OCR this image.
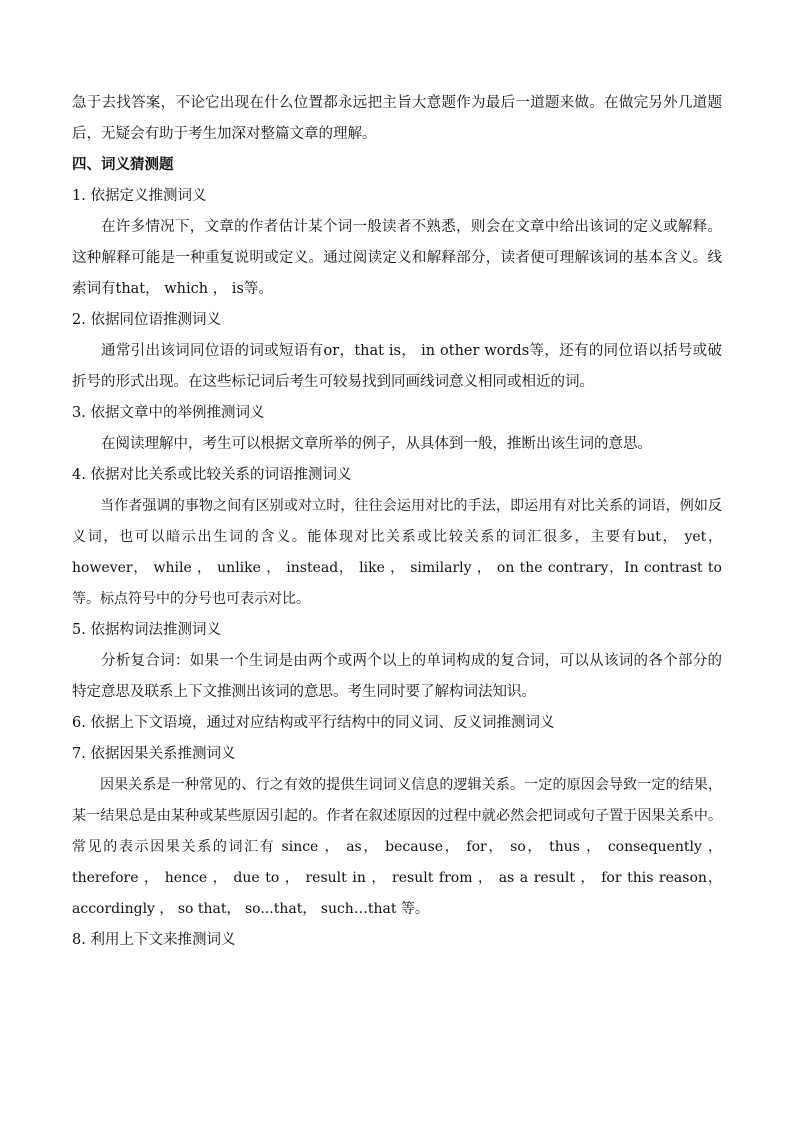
急于去找答案，不论它出现在什么位置都永远把主旨大意题作为最后一道题来做。在做完另外几道题后，无疑会有助于考生加深对整篇文章的理解。

四、词义猜测题

1. 依据定义推测词义

在许多情况下，文章的作者估计某个词一般读者不熟悉，则会在文章中给出该词的定义或解释。这种解释可能是一种重复说明或定义。通过阅读定义和解释部分，读者便可理解该词的基本含义。线索词有that， which ， is等。

2. 依据同位语推测词义

通常引出该词同位语的词或短语有or，that is， in other words等，还有的同位语以括号或破折号的形式出现。在这些标记词后考生可较易找到同画线词意义相同或相近的词。

3. 依据文章中的举例推测词义

在阅读理解中，考生可以根据文章所举的例子，从具体到一般，推断出该生词的意思。

4. 依据对比关系或比较关系的词语推测词义

当作者强调的事物之间有区别或对立时，往往会运用对比的手法，即运用有对比关系的词语，例如反义词，也可以暗示出生词的含义。能体现对比关系或比较关系的词汇很多，主要有but， yet， however， while ， unlike ， instead， like ， similarly ， on the contrary，In contrast to等。标点符号中的分号也可表示对比。

5. 依据构词法推测词义

分析复合词：如果一个生词是由两个或两个以上的单词构成的复合词，可以从该词的各个部分的特定意思及联系上下文推测出该词的意思。考生同时要了解构词法知识。

6. 依据上下文语境，通过对应结构或平行结构中的同义词、反义词推测词义

7. 依据因果关系推测词义

因果关系是一种常见的、行之有效的提供生词词义信息的逻辑关系。一定的原因会导致一定的结果，某一结果总是由某种或某些原因引起的。作者在叙述原因的过程中就必然会把词或句子置于因果关系中。常见的表示因果关系的词汇有 since ， as， because， for， so， thus ， consequently ， therefore ， hence ， due to ， result in ， result from ， as a result ， for this reason， accordingly ， so that， so...that， such…that 等。

8. 利用上下文来推测词义
